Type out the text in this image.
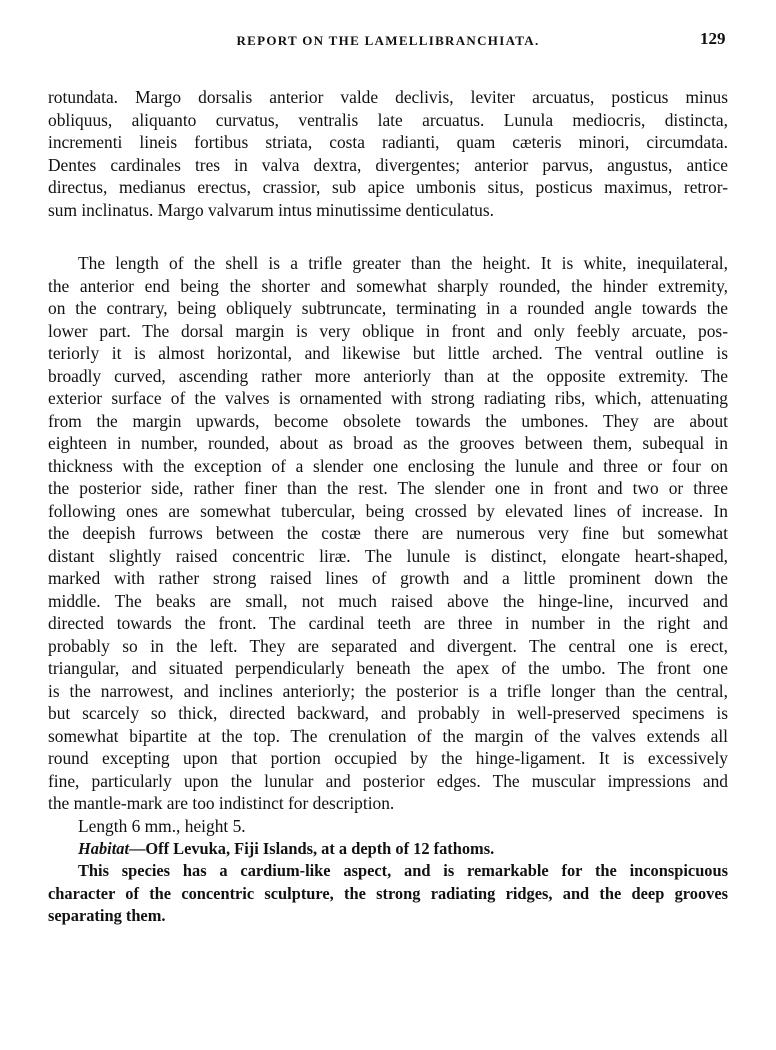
REPORT ON THE LAMELLIBRANCHIATA.	129
Length 6 mm., height 5.
Habitat—Off Levuka, Fiji Islands, at a depth of 12 fathoms.
rotundata. Margo dorsalis anterior valde declivis, leviter arcuatus, posticus minus
obliquus, aliquanto curvatus, ventralis late arcuatus. Lunula mediocris, distincta,
incrementi lineis fortibus striata, costa radianti, quam cæteris minori, circumdata.
Dentes cardinales tres in valva dextra, divergentes; anterior parvus, angustus, antice
directus, medianus erectus, crassior, sub apice umbonis situs, posticus maximus, retror-
sum inclinatus. Margo valvarum intus minutissime denticulatus.
The length of the shell is a trifle greater than the height. It is white, inequilateral,
the anterior end being the shorter and somewhat sharply rounded, the hinder extremity,
on the contrary, being obliquely subtruncate, terminating in a rounded angle towards the
lower part. The dorsal margin is very oblique in front and only feebly arcuate, pos-
teriorly it is almost horizontal, and likewise but little arched. The ventral outline is
broadly curved, ascending rather more anteriorly than at the opposite extremity. The
exterior surface of the valves is ornamented with strong radiating ribs, which, attenuating
from the margin upwards, become obsolete towards the umbones. They are about
eighteen in number, rounded, about as broad as the grooves between them, subequal in
thickness with the exception of a slender one enclosing the lunule and three or four on
the posterior side, rather finer than the rest. The slender one in front and two or three
following ones are somewhat tubercular, being crossed by elevated lines of increase. In
the deepish furrows between the costæ there are numerous very fine but somewhat
distant slightly raised concentric liræ. The lunule is distinct, elongate heart-shaped,
marked with rather strong raised lines of growth and a little prominent down the
middle. The beaks are small, not much raised above the hinge-line, incurved and
directed towards the front. The cardinal teeth are three in number in the right and
probably so in the left. They are separated and divergent. The central one is erect,
triangular, and situated perpendicularly beneath the apex of the umbo. The front one
is the narrowest, and inclines anteriorly; the posterior is a trifle longer than the central,
but scarcely so thick, directed backward, and probably in well-preserved specimens is
somewhat bipartite at the top. The crenulation of the margin of the valves extends all
round excepting upon that portion occupied by the hinge-ligament. It is excessively
fine, particularly upon the lunular and posterior edges. The muscular impressions and
the mantle-mark are too indistinct for description.
This species has a cardium-like aspect, and is remarkable for the inconspicuous
character of the concentric sculpture, the strong radiating ridges, and the deep grooves
separating them.
